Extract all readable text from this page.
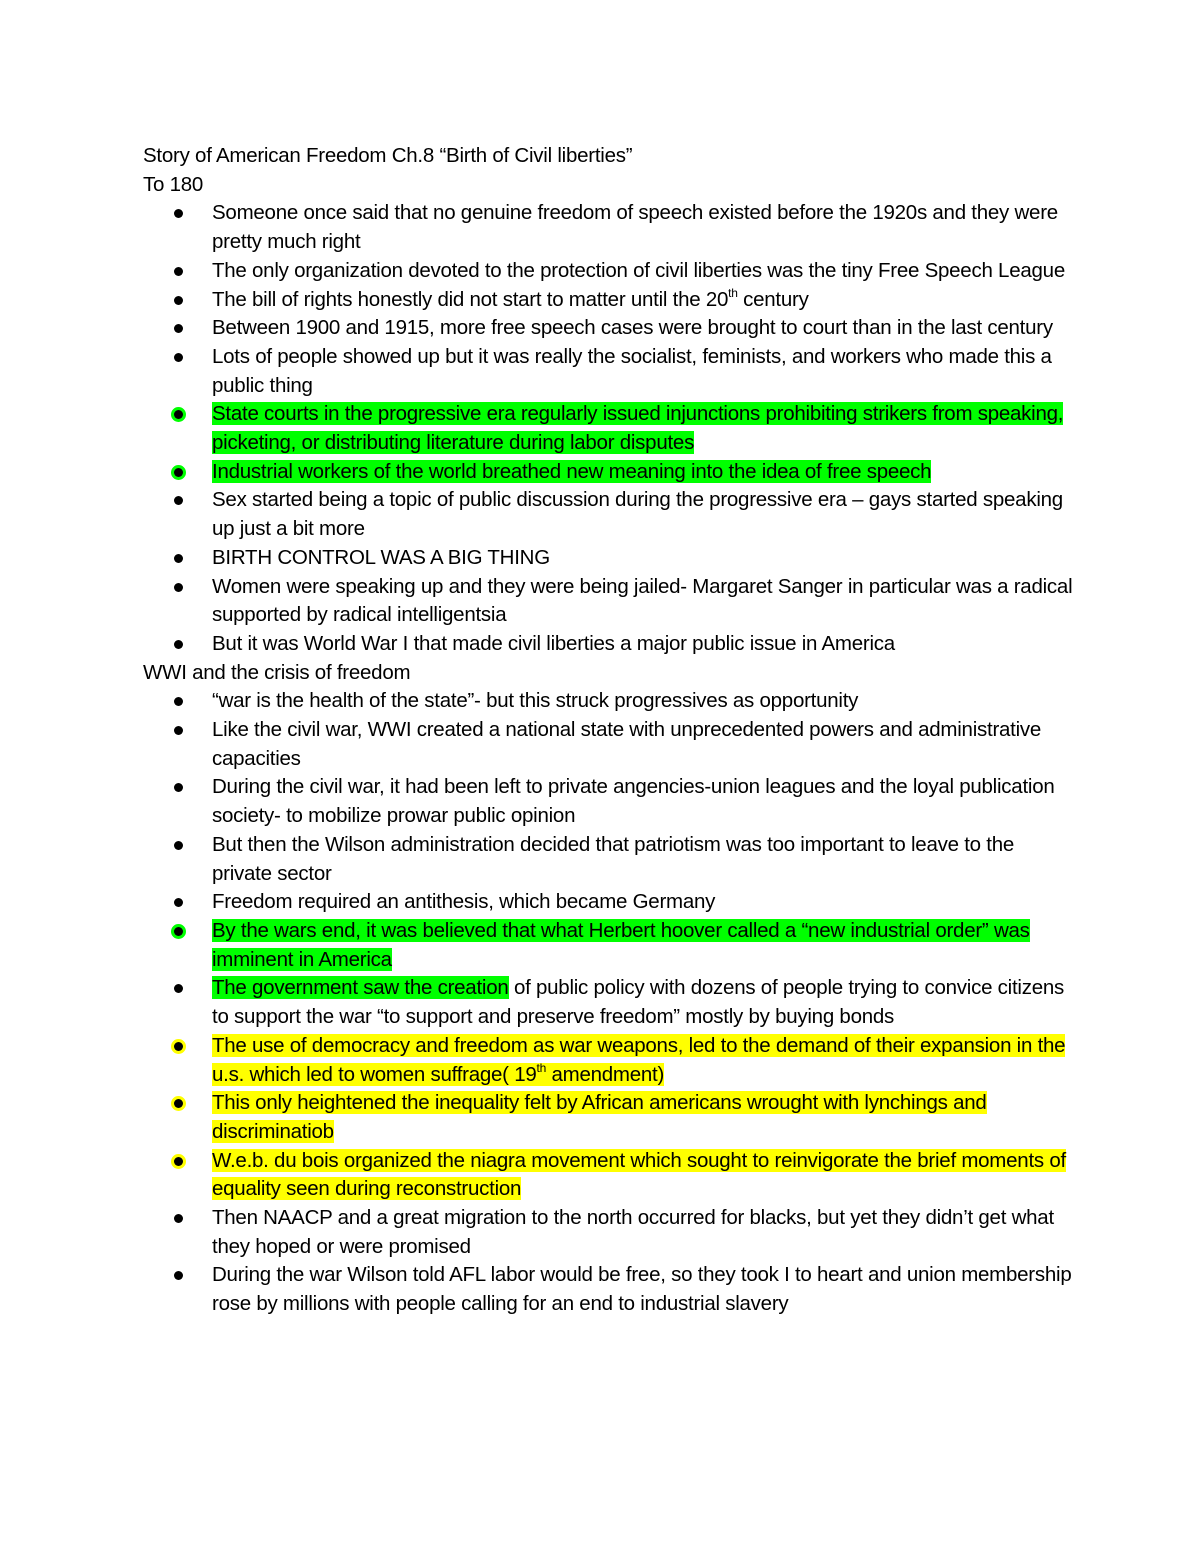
Story of American Freedom Ch.8 “Birth of Civil liberties”
To 180
Someone once said that no genuine freedom of speech existed before the 1920s and they were pretty much right
The only organization devoted to the protection of civil liberties was the tiny Free Speech League
The bill of rights honestly did not start to matter until the 20th century
Between 1900 and 1915, more free speech cases were brought to court than in the last century
Lots of people showed up but it was really the socialist, feminists, and workers who made this a public thing
State courts in the progressive era regularly issued injunctions prohibiting strikers from speaking, picketing, or distributing literature during labor disputes
Industrial workers of the world breathed new meaning into the idea of free speech
Sex started being a topic of public discussion during the progressive era – gays started speaking up just a bit more
BIRTH CONTROL WAS A BIG THING
Women were speaking up and they were being jailed- Margaret Sanger in particular was a radical supported by radical intelligentsia
But it was World War I that made civil liberties a major public issue in America
WWI and the crisis of freedom
“war is the health of the state”- but this struck progressives as opportunity
Like the civil war, WWI created a national state with unprecedented powers and administrative capacities
During the civil war, it had been left to private angencies-union leagues and the loyal publication society- to mobilize prowar public opinion
But then the Wilson administration decided that patriotism was too important to leave to the private sector
Freedom required an antithesis, which became Germany
By the wars end, it was believed that what Herbert hoover called a “new industrial order” was imminent in America
The government saw the creation of public policy with dozens of people trying to convice citizens to support the war “to support and preserve freedom” mostly by buying bonds
The use of democracy and freedom as war weapons, led to the demand of their expansion in the u.s. which led to women suffrage( 19th amendment)
This only heightened the inequality felt by African americans wrought with lynchings and discriminatiob
W.e.b. du bois organized the niagra movement which sought to reinvigorate the brief moments of equality seen during reconstruction
Then NAACP and a great migration to the north occurred for blacks, but yet they didn’t get what they hoped or were promised
During the war Wilson told AFL labor would be free, so they took I to heart and union membership rose by millions with people calling for an end to industrial slavery
